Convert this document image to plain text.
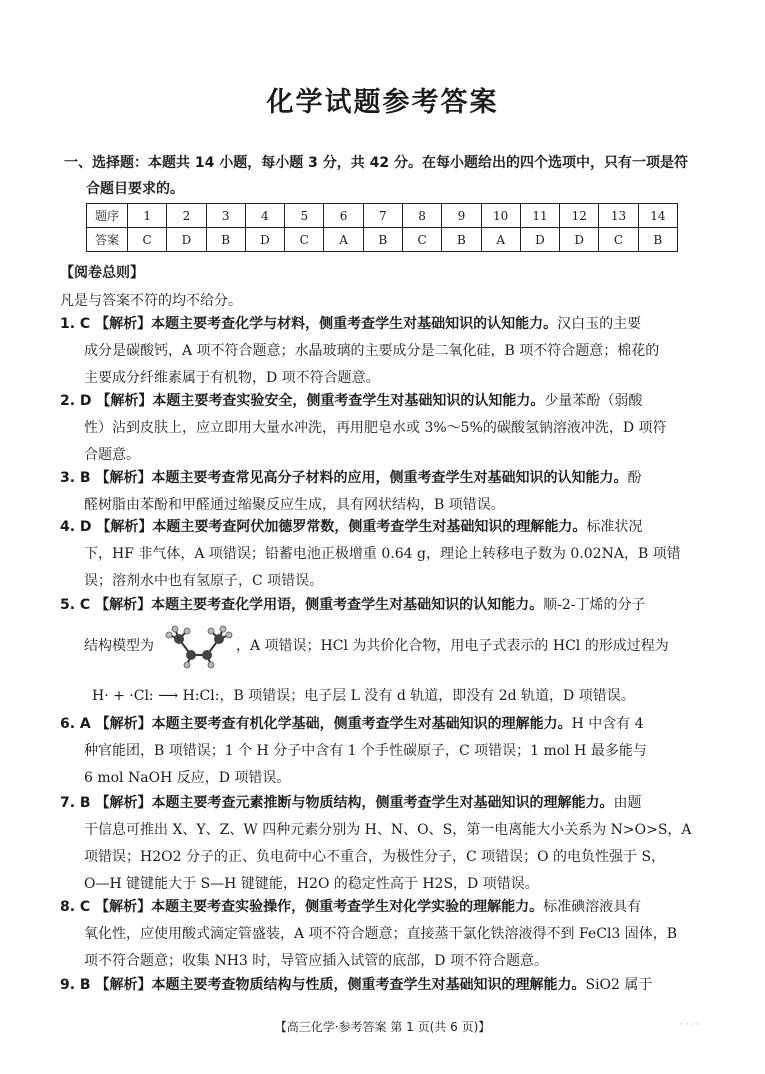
化学试题参考答案
一、选择题：本题共 14 小题，每小题 3 分，共 42 分。在每小题给出的四个选项中，只有一项是符
合题目要求的。
题序	1	2	3	4	5	6	7	8	9	10	11	12	13	14
答案	C	D	B	D	C	A	B	C	B	A	D	D	C	B
【阅卷总则】
凡是与答案不符的均不给分。
1. C 【解析】本题主要考查化学与材料，侧重考查学生对基础知识的认知能力。汉白玉的主要
成分是碳酸钙，A 项不符合题意；水晶玻璃的主要成分是二氧化硅，B 项不符合题意；棉花的
主要成分纤维素属于有机物，D 项不符合题意。
2. D 【解析】本题主要考查实验安全，侧重考查学生对基础知识的认知能力。少量苯酚（弱酸
性）沾到皮肤上，应立即用大量水冲洗，再用肥皂水或 3%～5%的碳酸氢钠溶液冲洗，D 项符
合题意。
3. B 【解析】本题主要考查常见高分子材料的应用，侧重考查学生对基础知识的认知能力。酚
醛树脂由苯酚和甲醛通过缩聚反应生成，具有网状结构，B 项错误。
4. D 【解析】本题主要考查阿伏加德罗常数，侧重考查学生对基础知识的理解能力。标准状况
下，HF 非气体，A 项错误；铅蓄电池正极增重 0.64 g，理论上转移电子数为 0.02NA，B 项错
误；溶剂水中也有氢原子，C 项错误。
5. C 【解析】本题主要考查化学用语，侧重考查学生对基础知识的认知能力。顺-2-丁烯的分子
结构模型为	，A 项错误；HCl 为共价化合物，用电子式表示的 HCl 的形成过程为
H· + ·Cl: ⟶ H:Cl:，B 项错误；电子层 L 没有 d 轨道，即没有 2d 轨道，D 项错误。
6. A 【解析】本题主要考查有机化学基础，侧重考查学生对基础知识的理解能力。H 中含有 4
种官能团，B 项错误；1 个 H 分子中含有 1 个手性碳原子，C 项错误；1 mol H 最多能与
6 mol NaOH 反应，D 项错误。
7. B 【解析】本题主要考查元素推断与物质结构，侧重考查学生对基础知识的理解能力。由题
干信息可推出 X、Y、Z、W 四种元素分别为 H、N、O、S，第一电离能大小关系为 N>O>S，A
项错误；H2O2 分子的正、负电荷中心不重合，为极性分子，C 项错误；O 的电负性强于 S，
O—H 键键能大于 S—H 键键能，H2O 的稳定性高于 H2S，D 项错误。
8. C 【解析】本题主要考查实验操作，侧重考查学生对化学实验的理解能力。标准碘溶液具有
氧化性，应使用酸式滴定管盛装，A 项不符合题意；直接蒸干氯化铁溶液得不到 FeCl3 固体，B
项不符合题意；收集 NH3 时，导管应插入试管的底部，D 项不符合题意。
9. B 【解析】本题主要考查物质结构与性质，侧重考查学生对基础知识的理解能力。SiO2 属于
【高三化学·参考答案 第 1 页(共 6 页)】	· · · ·
